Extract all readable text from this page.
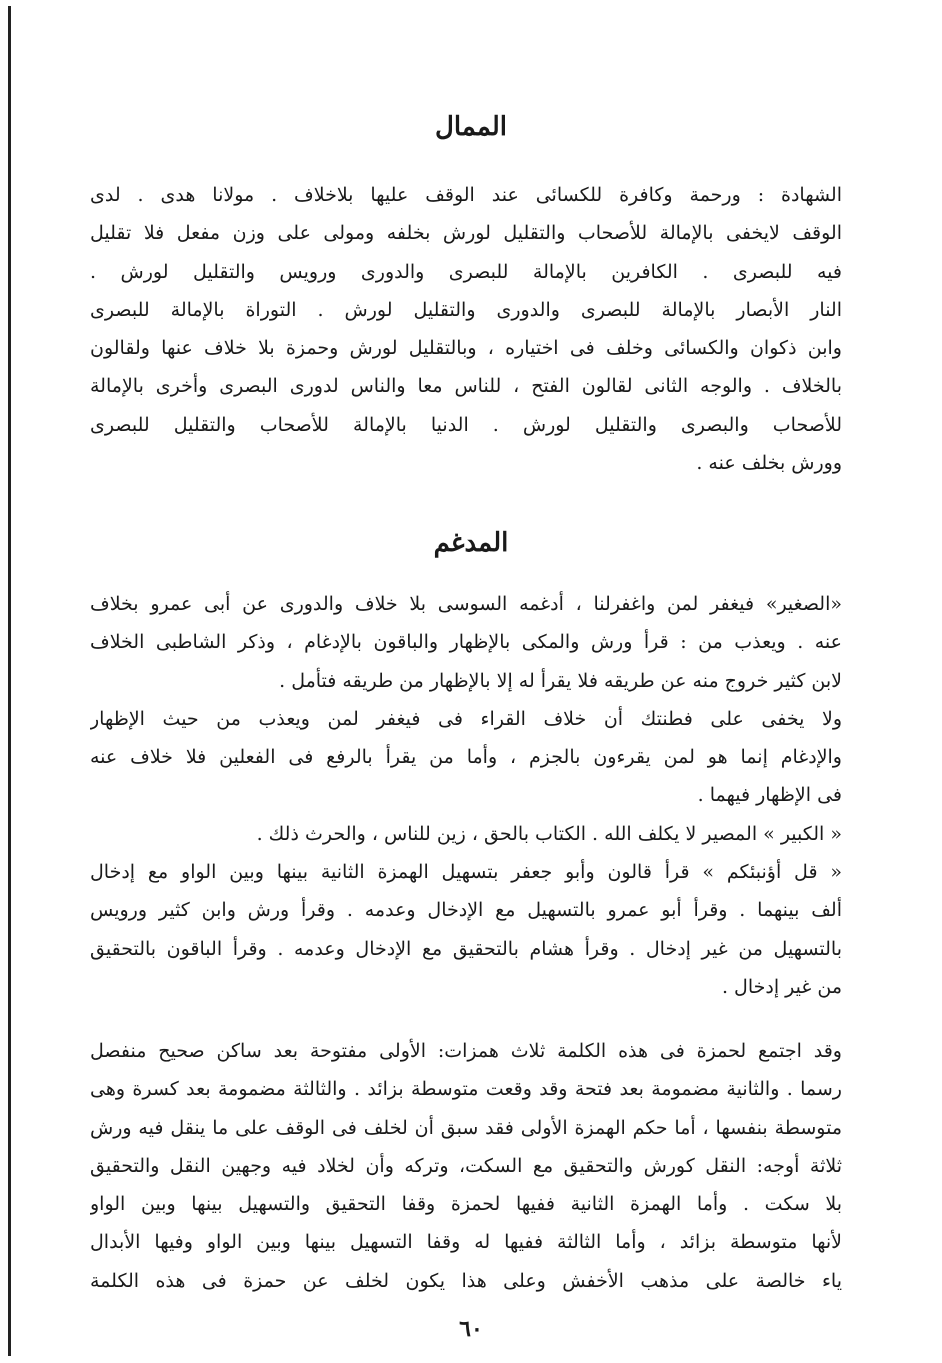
الممال
الشهادة : ورحمة وكافرة للكسائى عند الوقف عليها بلاخلاف . مولانا هدى . لدى
الوقف لايخفى بالإمالة للأصحاب والتقليل لورش بخلفه ومولى على وزن مفعل فلا تقليل
فيه للبصرى . الكافرين بالإمالة للبصرى والدورى ورويس والتقليل لورش .
النار الأبصار بالإمالة للبصرى والدورى والتقليل لورش . التوراة بالإمالة للبصرى
وابن ذكوان والكسائى وخلف فى اختياره ، وبالتقليل لورش وحمزة بلا خلاف عنها ولقالون
بالخلاف . والوجه الثانى لقالون الفتح ، للناس معا والناس لدورى البصرى وأخرى بالإمالة
للأصحاب والبصرى والتقليل لورش . الدنيا بالإمالة للأصحاب والتقليل للبصرى
وورش بخلف عنه .
المدغم
«الصغير» فيغفر لمن واغفرلنا ، أدغمه السوسى بلا خلاف والدورى عن أبى عمرو بخلاف
عنه . ويعذب من : قرأ ورش والمكى بالإظهار والباقون بالإدغام ، وذكر الشاطبى الخلاف
لابن كثير خروج منه عن طريقه فلا يقرأ له إلا بالإظهار من طريقه فتأمل .
ولا يخفى على فطنتك أن خلاف القراء فى فيغفر لمن ويعذب من حيث الإظهار
والإدغام إنما هو لمن يقرءون بالجزم ، وأما من يقرأ بالرفع فى الفعلين فلا خلاف عنه
فى الإظهار فيهما .
« الكبير » المصير لا يكلف الله . الكتاب بالحق ، زين للناس ، والحرث ذلك .
« قل أؤنبئكم » قرأ قالون وأبو جعفر بتسهيل الهمزة الثانية بينها وبين الواو مع إدخال
ألف بينهما . وقرأ أبو عمرو بالتسهيل مع الإدخال وعدمه . وقرأ ورش وابن كثير ورويس
بالتسهيل من غير إدخال . وقرأ هشام بالتحقيق مع الإدخال وعدمه . وقرأ الباقون بالتحقيق
من غير إدخال .
وقد اجتمع لحمزة فى هذه الكلمة ثلاث همزات: الأولى مفتوحة بعد ساكن صحيح منفصل
رسما . والثانية مضمومة بعد فتحة وقد وقعت متوسطة بزائد . والثالثة مضمومة بعد كسرة وهى
متوسطة بنفسها ، أما حكم الهمزة الأولى فقد سبق أن لخلف فى الوقف على ما ينقل فيه ورش
ثلاثة أوجه: النقل كورش والتحقيق مع السكت، وتركه وأن لخلاد فيه وجهين النقل والتحقيق
بلا سكت . وأما الهمزة الثانية ففيها لحمزة وقفا التحقيق والتسهيل بينها وبين الواو
لأنها متوسطة بزائد ، وأما الثالثة ففيها له وقفا التسهيل بينها وبين الواو وفيها الأبدال
ياء خالصة على مذهب الأخفش وعلى هذا يكون لخلف عن حمزة فى هذه الكلمة
٦٠
